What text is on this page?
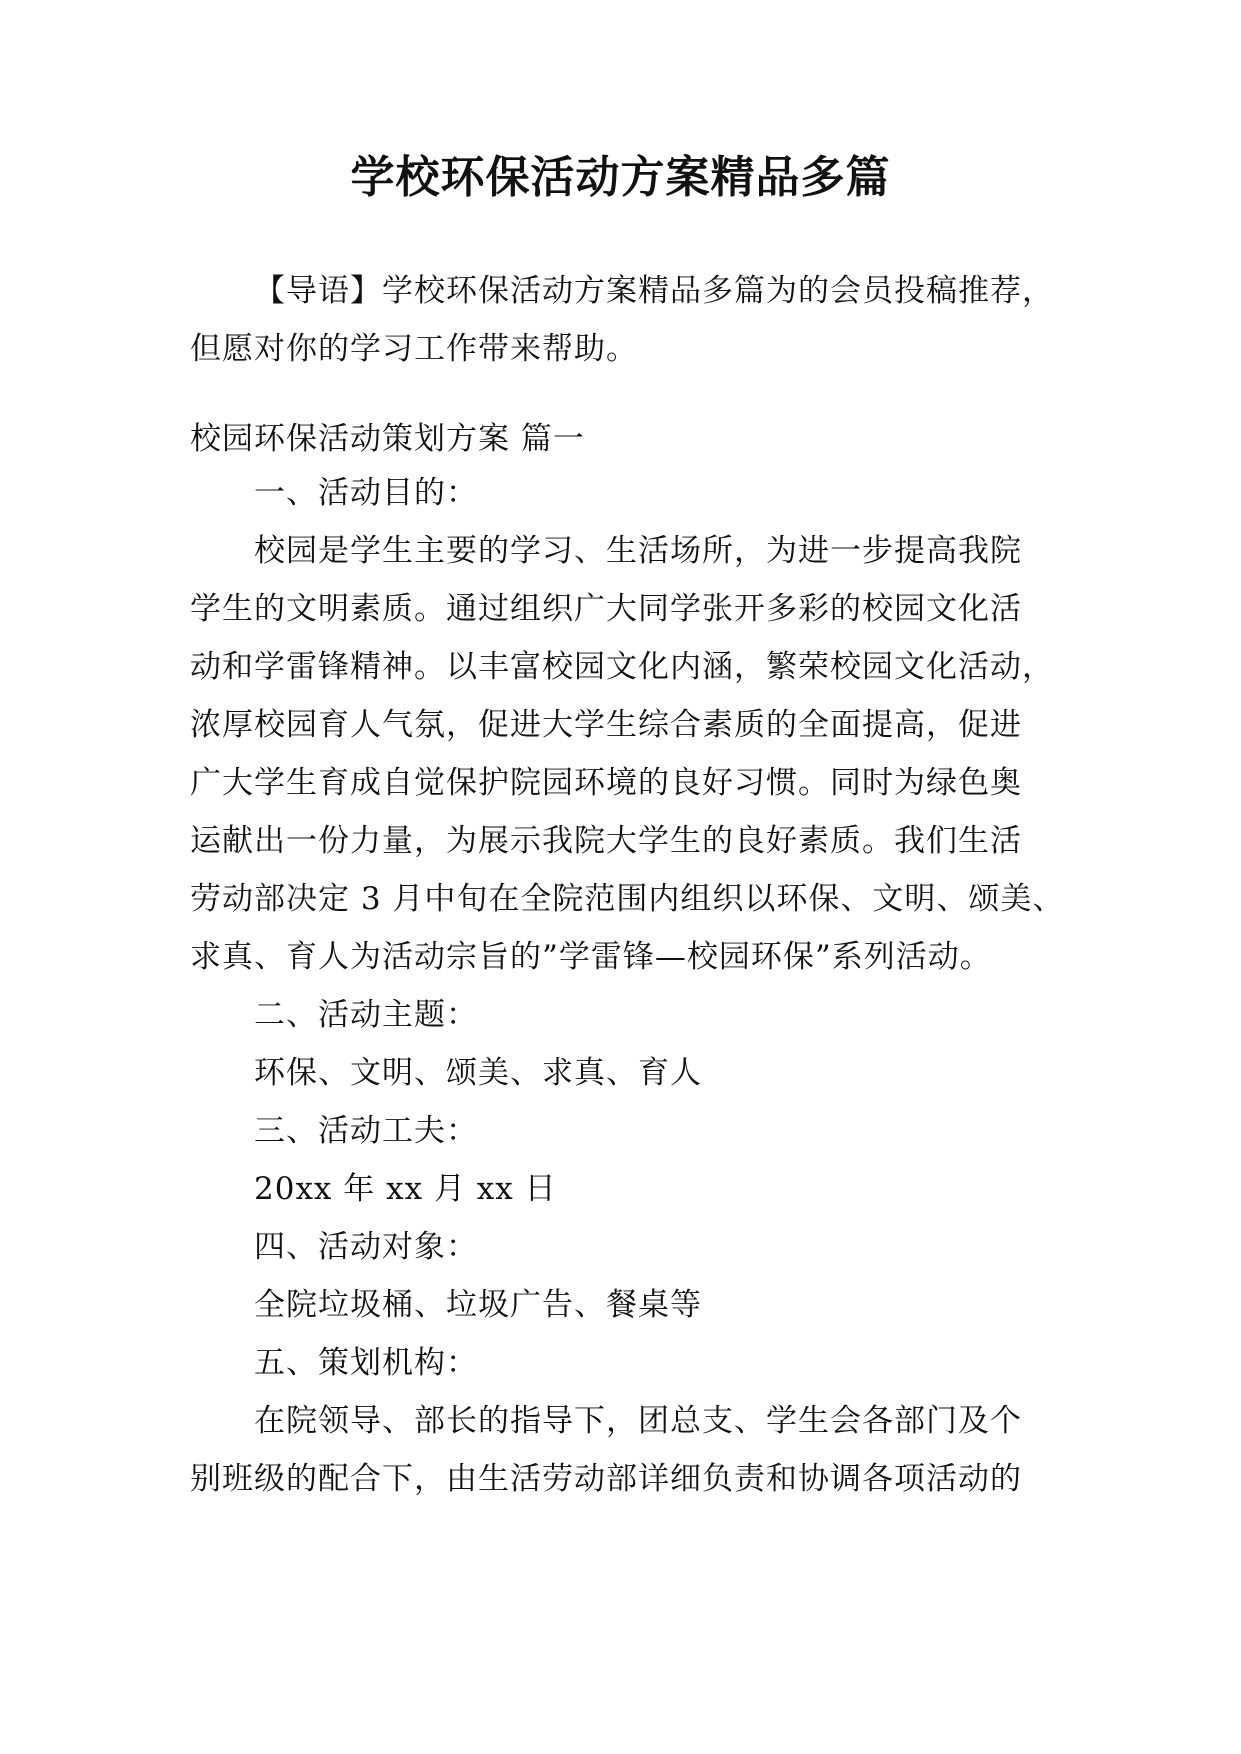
学校环保活动方案精品多篇
【导语】学校环保活动方案精品多篇为的会员投稿推荐，
但愿对你的学习工作带来帮助。
校园环保活动策划方案 篇一
一、活动目的：
校园是学生主要的学习、生活场所，为进一步提高我院
学生的文明素质。通过组织广大同学张开多彩的校园文化活
动和学雷锋精神。以丰富校园文化内涵，繁荣校园文化活动，
浓厚校园育人气氛，促进大学生综合素质的全面提高，促进
广大学生育成自觉保护院园环境的良好习惯。同时为绿色奥
运献出一份力量，为展示我院大学生的良好素质。我们生活
劳动部决定 3 月中旬在全院范围内组织以环保、文明、颂美、
求真、育人为活动宗旨的”学雷锋—校园环保”系列活动。
二、活动主题：
环保、文明、颂美、求真、育人
三、活动工夫：
20xx 年 xx 月 xx 日
四、活动对象：
全院垃圾桶、垃圾广告、餐桌等
五、策划机构：
在院领导、部长的指导下，团总支、学生会各部门及个
别班级的配合下，由生活劳动部详细负责和协调各项活动的
